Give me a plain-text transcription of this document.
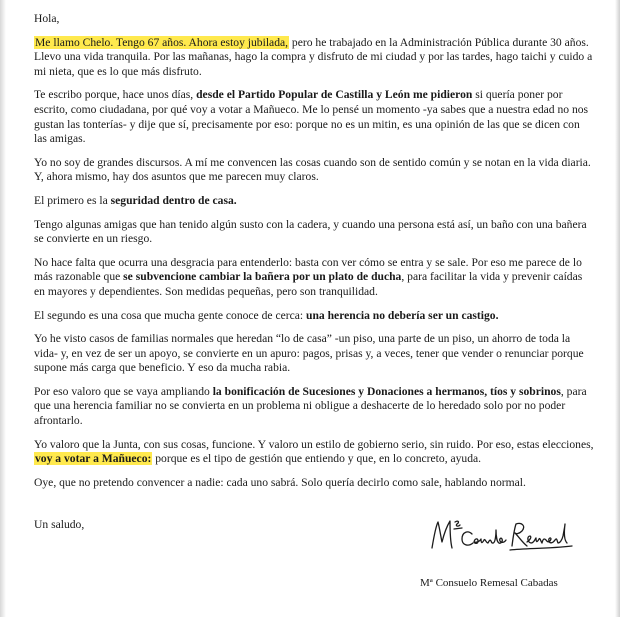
Hola,

Me llamo Chelo. Tengo 67 años. Ahora estoy jubilada, pero he trabajado en la Administración Pública durante 30 años. Llevo una vida tranquila. Por las mañanas, hago la compra y disfruto de mi ciudad y por las tardes, hago taichi y cuido a mi nieta, que es lo que más disfruto.

Te escribo porque, hace unos días, desde el Partido Popular de Castilla y León me pidieron si quería poner por escrito, como ciudadana, por qué voy a votar a Mañueco. Me lo pensé un momento -ya sabes que a nuestra edad no nos gustan las tonterías- y dije que sí, precisamente por eso: porque no es un mitin, es una opinión de las que se dicen con las amigas.

Yo no soy de grandes discursos. A mí me convencen las cosas cuando son de sentido común y se notan en la vida diaria. Y, ahora mismo, hay dos asuntos que me parecen muy claros.

El primero es la seguridad dentro de casa.

Tengo algunas amigas que han tenido algún susto con la cadera, y cuando una persona está así, un baño con una bañera se convierte en un riesgo.

No hace falta que ocurra una desgracia para entenderlo: basta con ver cómo se entra y se sale. Por eso me parece de lo más razonable que se subvencione cambiar la bañera por un plato de ducha, para facilitar la vida y prevenir caídas en mayores y dependientes. Son medidas pequeñas, pero son tranquilidad.

El segundo es una cosa que mucha gente conoce de cerca: una herencia no debería ser un castigo.

Yo he visto casos de familias normales que heredan “lo de casa” -un piso, una parte de un piso, un ahorro de toda la vida- y, en vez de ser un apoyo, se convierte en un apuro: pagos, prisas y, a veces, tener que vender o renunciar porque supone más carga que beneficio. Y eso da mucha rabia.

Por eso valoro que se vaya ampliando la bonificación de Sucesiones y Donaciones a hermanos, tíos y sobrinos, para que una herencia familiar no se convierta en un problema ni obligue a deshacerte de lo heredado solo por no poder afrontarlo.

Yo valoro que la Junta, con sus cosas, funcione. Y valoro un estilo de gobierno serio, sin ruido. Por eso, estas elecciones, voy a votar a Mañueco: porque es el tipo de gestión que entiendo y que, en lo concreto, ayuda.

Oye, que no pretendo convencer a nadie: cada uno sabrá. Solo quería decirlo como sale, hablando normal.

Un saludo,

Mª Consuelo Remesal Cabadas
